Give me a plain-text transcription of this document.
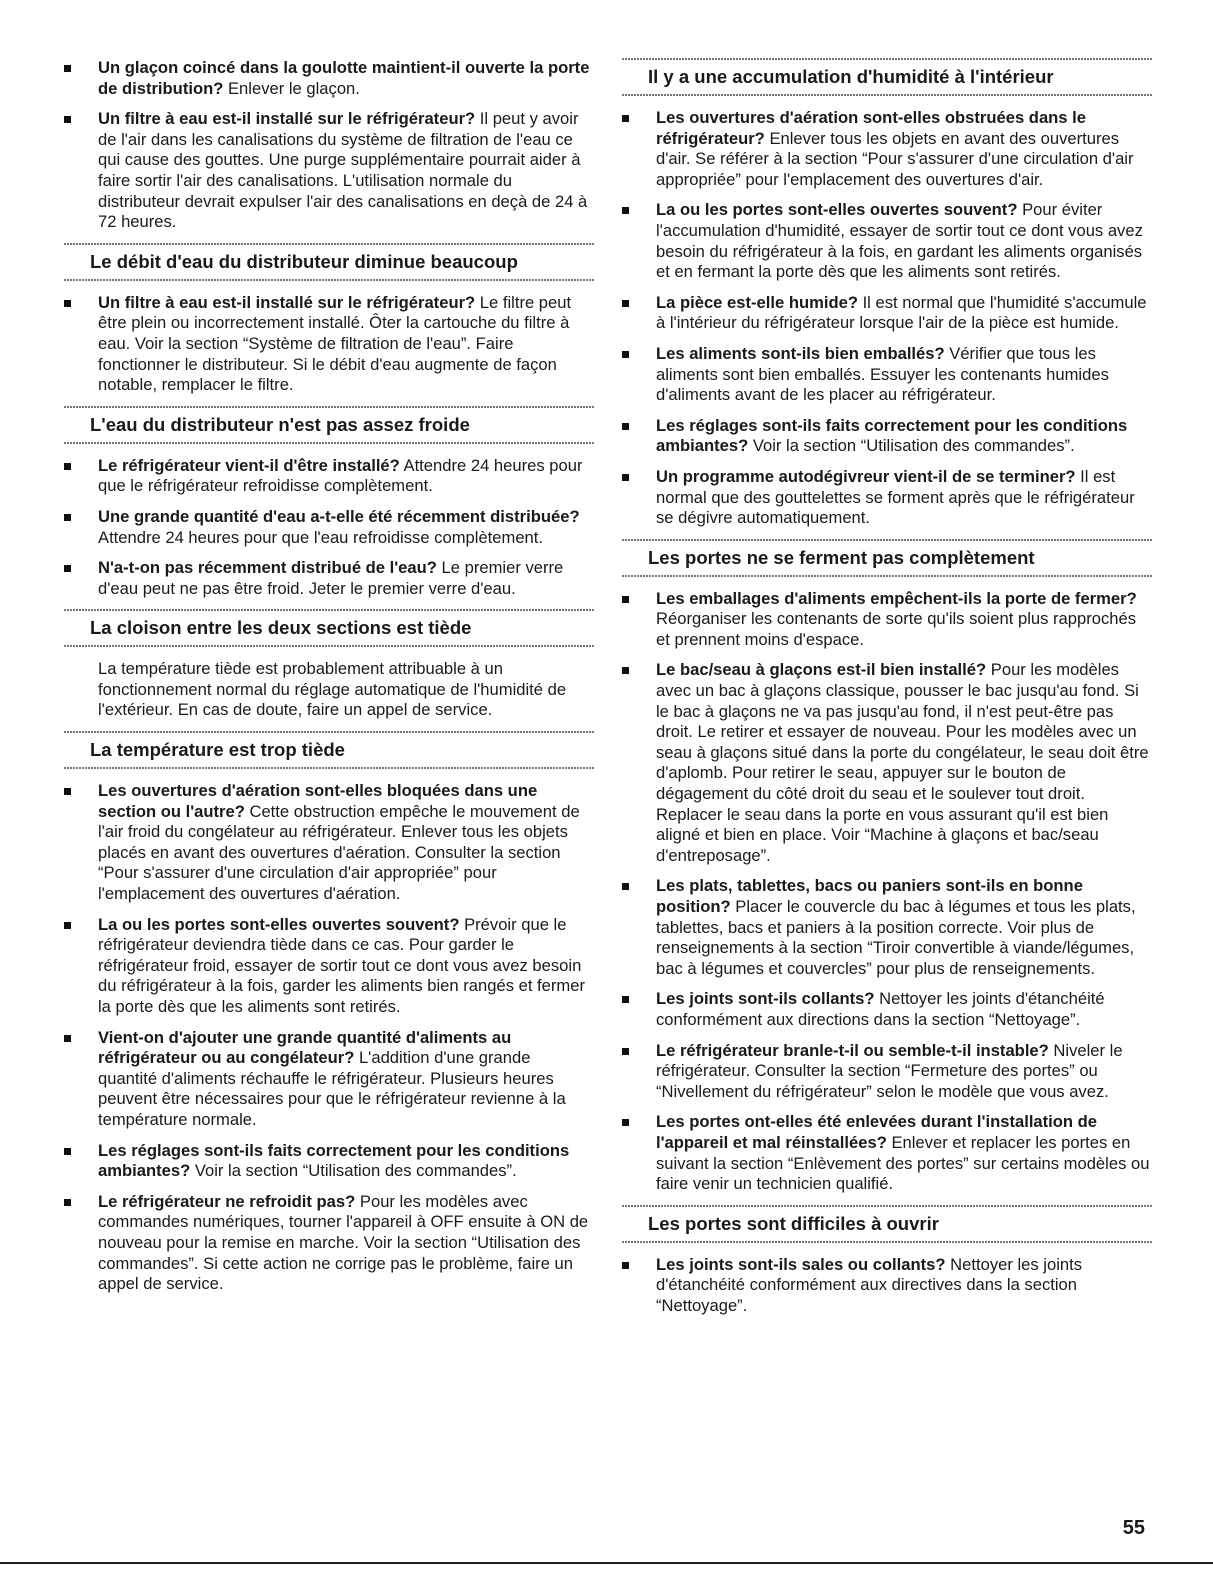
Un glaçon coincé dans la goulotte maintient-il ouverte la porte de distribution? Enlever le glaçon.
Un filtre à eau est-il installé sur le réfrigérateur? Il peut y avoir de l'air dans les canalisations du système de filtration de l'eau ce qui cause des gouttes. Une purge supplémentaire pourrait aider à faire sortir l'air des canalisations. L'utilisation normale du distributeur devrait expulser l'air des canalisations en deçà de 24 à 72 heures.
Le débit d'eau du distributeur diminue beaucoup
Un filtre à eau est-il installé sur le réfrigérateur? Le filtre peut être plein ou incorrectement installé. Ôter la cartouche du filtre à eau. Voir la section “Système de filtration de l'eau”. Faire fonctionner le distributeur. Si le débit d'eau augmente de façon notable, remplacer le filtre.
L'eau du distributeur n'est pas assez froide
Le réfrigérateur vient-il d'être installé? Attendre 24 heures pour que le réfrigérateur refroidisse complètement.
Une grande quantité d'eau a-t-elle été récemment distribuée? Attendre 24 heures pour que l'eau refroidisse complètement.
N'a-t-on pas récemment distribué de l'eau? Le premier verre d'eau peut ne pas être froid. Jeter le premier verre d'eau.
La cloison entre les deux sections est tiède
La température tiède est probablement attribuable à un fonctionnement normal du réglage automatique de l'humidité de l'extérieur. En cas de doute, faire un appel de service.
La température est trop tiède
Les ouvertures d'aération sont-elles bloquées dans une section ou l'autre? Cette obstruction empêche le mouvement de l'air froid du congélateur au réfrigérateur. Enlever tous les objets placés en avant des ouvertures d'aération. Consulter la section “Pour s'assurer d'une circulation d'air appropriée” pour l'emplacement des ouvertures d'aération.
La ou les portes sont-elles ouvertes souvent? Prévoir que le réfrigérateur deviendra tiède dans ce cas. Pour garder le réfrigérateur froid, essayer de sortir tout ce dont vous avez besoin du réfrigérateur à la fois, garder les aliments bien rangés et fermer la porte dès que les aliments sont retirés.
Vient-on d'ajouter une grande quantité d'aliments au réfrigérateur ou au congélateur? L'addition d'une grande quantité d'aliments réchauffe le réfrigérateur. Plusieurs heures peuvent être nécessaires pour que le réfrigérateur revienne à la température normale.
Les réglages sont-ils faits correctement pour les conditions ambiantes? Voir la section “Utilisation des commandes”.
Le réfrigérateur ne refroidit pas? Pour les modèles avec commandes numériques, tourner l'appareil à OFF ensuite à ON de nouveau pour la remise en marche. Voir la section “Utilisation des commandes”. Si cette action ne corrige pas le problème, faire un appel de service.
Il y a une accumulation d'humidité à l'intérieur
Les ouvertures d'aération sont-elles obstruées dans le réfrigérateur? Enlever tous les objets en avant des ouvertures d'air. Se référer à la section “Pour s'assurer d'une circulation d'air appropriée” pour l'emplacement des ouvertures d'air.
La ou les portes sont-elles ouvertes souvent? Pour éviter l'accumulation d'humidité, essayer de sortir tout ce dont vous avez besoin du réfrigérateur à la fois, en gardant les aliments organisés et en fermant la porte dès que les aliments sont retirés.
La pièce est-elle humide? Il est normal que l'humidité s'accumule à l'intérieur du réfrigérateur lorsque l'air de la pièce est humide.
Les aliments sont-ils bien emballés? Vérifier que tous les aliments sont bien emballés. Essuyer les contenants humides d'aliments avant de les placer au réfrigérateur.
Les réglages sont-ils faits correctement pour les conditions ambiantes? Voir la section “Utilisation des commandes”.
Un programme autodégivreur vient-il de se terminer? Il est normal que des gouttelettes se forment après que le réfrigérateur se dégivre automatiquement.
Les portes ne se ferment pas complètement
Les emballages d'aliments empêchent-ils la porte de fermer? Réorganiser les contenants de sorte qu'ils soient plus rapprochés et prennent moins d'espace.
Le bac/seau à glaçons est-il bien installé? Pour les modèles avec un bac à glaçons classique, pousser le bac jusqu'au fond. Si le bac à glaçons ne va pas jusqu'au fond, il n'est peut-être pas droit. Le retirer et essayer de nouveau. Pour les modèles avec un seau à glaçons situé dans la porte du congélateur, le seau doit être d'aplomb. Pour retirer le seau, appuyer sur le bouton de dégagement du côté droit du seau et le soulever tout droit. Replacer le seau dans la porte en vous assurant qu'il est bien aligné et bien en place. Voir “Machine à glaçons et bac/seau d'entreposage”.
Les plats, tablettes, bacs ou paniers sont-ils en bonne position? Placer le couvercle du bac à légumes et tous les plats, tablettes, bacs et paniers à la position correcte. Voir plus de renseignements à la section “Tiroir convertible à viande/légumes, bac à légumes et couvercles” pour plus de renseignements.
Les joints sont-ils collants? Nettoyer les joints d'étanchéité conformément aux directions dans la section “Nettoyage”.
Le réfrigérateur branle-t-il ou semble-t-il instable? Niveler le réfrigérateur. Consulter la section “Fermeture des portes” ou “Nivellement du réfrigérateur” selon le modèle que vous avez.
Les portes ont-elles été enlevées durant l'installation de l'appareil et mal réinstallées? Enlever et replacer les portes en suivant la section “Enlèvement des portes” sur certains modèles ou faire venir un technicien qualifié.
Les portes sont difficiles à ouvrir
Les joints sont-ils sales ou collants? Nettoyer les joints d'étanchéité conformément aux directives dans la section “Nettoyage”.
55
